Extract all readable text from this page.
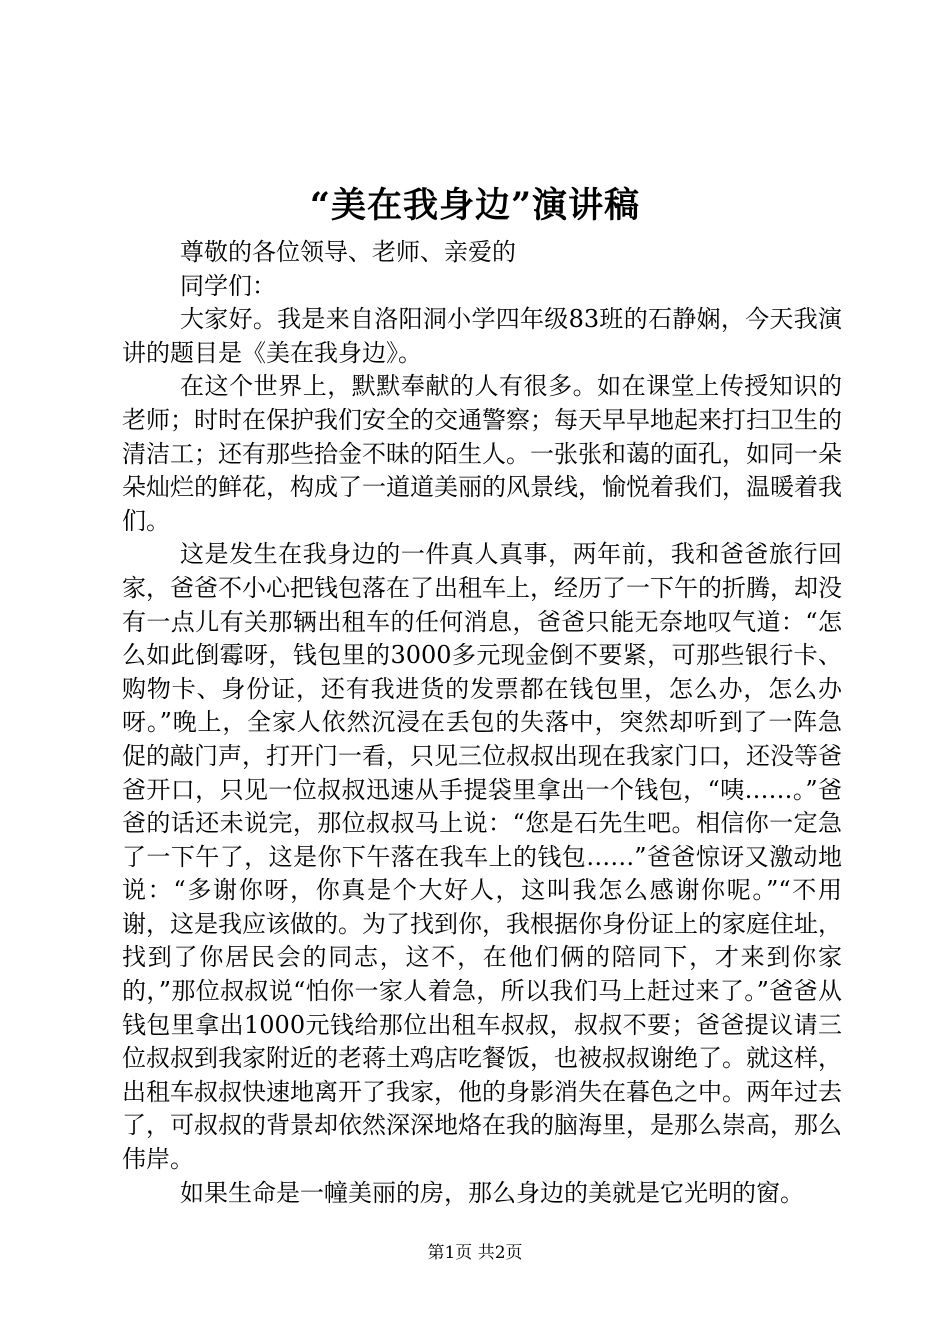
“美在我身边”演讲稿

尊敬的各位领导、老师、亲爱的

同学们：

大家好。我是来自洛阳洞小学四年级83班的石静娴，今天我演讲的题目是《美在我身边》。

在这个世界上，默默奉献的人有很多。如在课堂上传授知识的老师；时时在保护我们安全的交通警察；每天早早地起来打扫卫生的清洁工；还有那些拾金不昧的陌生人。一张张和蔼的面孔，如同一朵朵灿烂的鲜花，构成了一道道美丽的风景线，愉悦着我们，温暖着我们。

这是发生在我身边的一件真人真事，两年前，我和爸爸旅行回家，爸爸不小心把钱包落在了出租车上，经历了一下午的折腾，却没有一点儿有关那辆出租车的任何消息，爸爸只能无奈地叹气道：“怎么如此倒霉呀，钱包里的3000多元现金倒不要紧，可那些银行卡、购物卡、身份证，还有我进货的发票都在钱包里，怎么办，怎么办呀。”晚上，全家人依然沉浸在丢包的失落中，突然却听到了一阵急促的敲门声，打开门一看，只见三位叔叔出现在我家门口，还没等爸爸开口，只见一位叔叔迅速从手提袋里拿出一个钱包，“咦……。”爸爸的话还未说完，那位叔叔马上说：“您是石先生吧。相信你一定急了一下午了，这是你下午落在我车上的钱包……”爸爸惊讶又激动地说：“多谢你呀，你真是个大好人，这叫我怎么感谢你呢。”“不用谢，这是我应该做的。为了找到你，我根据你身份证上的家庭住址，找到了你居民会的同志，这不，在他们俩的陪同下，才来到你家的，”那位叔叔说“怕你一家人着急，所以我们马上赶过来了。”爸爸从钱包里拿出1000元钱给那位出租车叔叔，叔叔不要；爸爸提议请三位叔叔到我家附近的老蒋土鸡店吃餐饭，也被叔叔谢绝了。就这样，出租车叔叔快速地离开了我家，他的身影消失在暮色之中。两年过去了，可叔叔的背景却依然深深地烙在我的脑海里，是那么崇高，那么伟岸。

如果生命是一幢美丽的房，那么身边的美就是它光明的窗。

第1页 共2页
